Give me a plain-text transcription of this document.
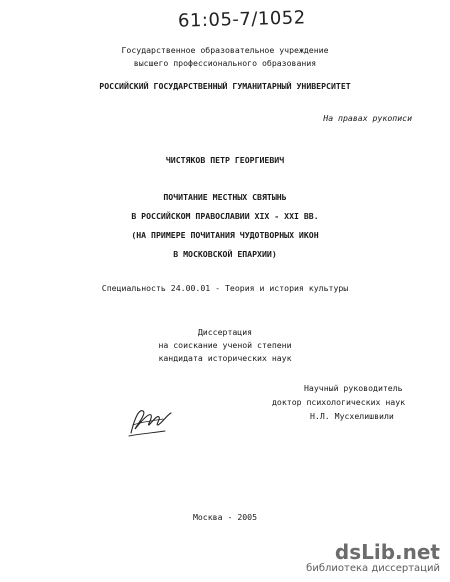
61:05-7/1052
Государственное образовательное учреждение
высшего профессионального образования
РОССИЙСКИЙ ГОСУДАРСТВЕННЫЙ ГУМАНИТАРНЫЙ УНИВЕРСИТЕТ
На правах рукописи
ЧИСТЯКОВ ПЕТР ГЕОРГИЕВИЧ
ПОЧИТАНИЕ МЕСТНЫХ СВЯТЫНЬ
В РОССИЙСКОМ ПРАВОСЛАВИИ XIX - XXI ВВ.
(НА ПРИМЕРЕ ПОЧИТАНИЯ ЧУДОТВОРНЫХ ИКОН
В МОСКОВСКОЙ ЕПАРХИИ)
Специальность 24.00.01 - Теория и история культуры
Диссертация
на соискание ученой степени
кандидата исторических наук
Научный руководитель
доктор психологических наук
Н.Л. Мусхелишвили
Москва - 2005
dsLib.net
библиотека диссертаций
